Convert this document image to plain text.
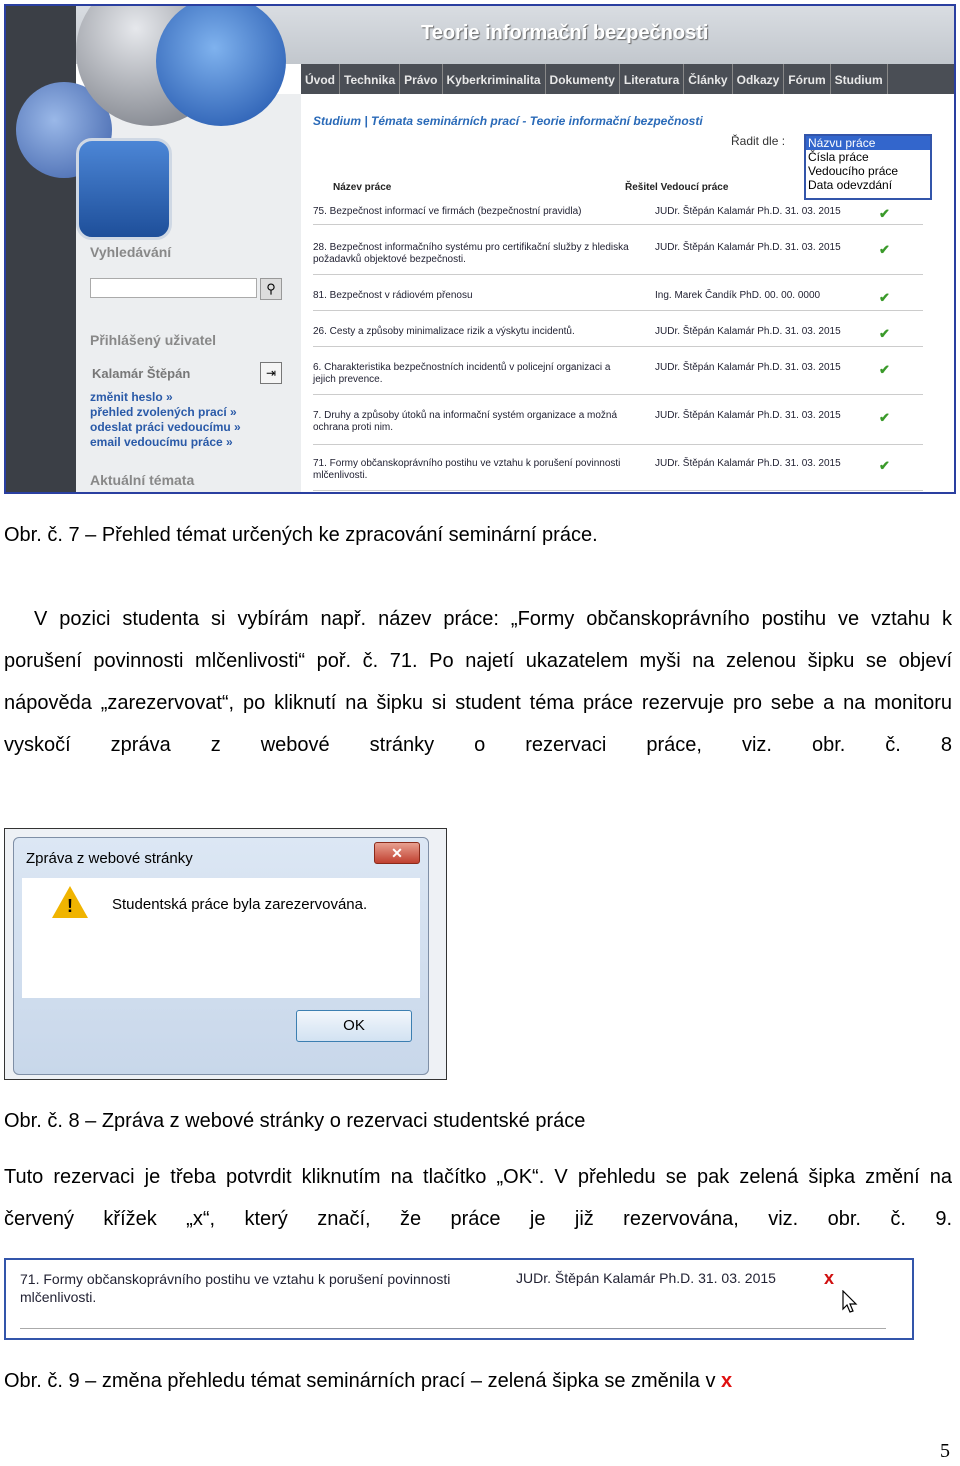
Teorie informační bezpečnosti
Úvod Technika Právo Kyberkriminalita Dokumenty Literatura Články Odkazy Fórum Studium
Vyhledávání
⚲
Přihlášený uživatel
Kalamár Štěpán	⇥
změnit heslo »
přehled zvolených prací »
odeslat práci vedoucímu »
email vedoucímu práce »
Aktuální témata
Studium | Témata seminárních prací - Teorie informační bezpečnosti
Řadit dle : Názvu práce
Čísla práce
Vedoucího práce
Data odevzdání
Název práce	Řešitel Vedoucí práce
75. Bezpečnost informací ve firmách (bezpečnostní pravidla)	JUDr. Štěpán Kalamár Ph.D. 31. 03. 2015	✔
28. Bezpečnost informačního systému pro certifikační služby z hlediska požadavků objektové bezpečnosti.
JUDr. Štěpán Kalamár Ph.D. 31. 03. 2015	✔
81. Bezpečnost v rádiovém přenosu	Ing. Marek Čandík PhD. 00. 00. 0000	✔
26. Cesty a způsoby minimalizace rizik a výskytu incidentů.	JUDr. Štěpán Kalamár Ph.D. 31. 03. 2015	✔
6. Charakteristika bezpečnostních incidentů v policejní organizaci a jejich prevence.
JUDr. Štěpán Kalamár Ph.D. 31. 03. 2015	✔
7. Druhy a způsoby útoků na informační systém organizace a možná ochrana proti nim.
JUDr. Štěpán Kalamár Ph.D. 31. 03. 2015	✔
71. Formy občanskoprávního postihu ve vztahu k porušení povinnosti mlčenlivosti.
JUDr. Štěpán Kalamár Ph.D. 31. 03. 2015	✔
Obr. č. 7 – Přehled témat určených ke zpracování seminární práce.
V pozici studenta si vybírám např. název práce: „Formy občanskoprávního postihu ve vztahu k porušení povinnosti mlčenlivosti“ poř. č. 71. Po najetí ukazatelem myši na zelenou šipku se objeví nápověda „zarezervovat“, po kliknutí na šipku si student téma práce rezervuje pro sebe a na monitoru vyskočí zpráva z webové stránky o rezervaci práce, viz. obr. č. 8
Zpráva z webové stránky	✕
!	Studentská práce byla zarezervována.
OK
Obr. č. 8 – Zpráva z webové stránky o rezervaci studentské práce
Tuto rezervaci je třeba potvrdit kliknutím na tlačítko „OK“. V přehledu se pak zelená šipka změní na červený křížek „x“, který značí, že práce je již rezervována, viz. obr. č. 9.
71. Formy občanskoprávního postihu ve vztahu k porušení povinnosti mlčenlivosti.
JUDr. Štěpán Kalamár Ph.D. 31. 03. 2015	x
Obr. č. 9 – změna přehledu témat seminárních prací – zelená šipka se změnila v x
5
